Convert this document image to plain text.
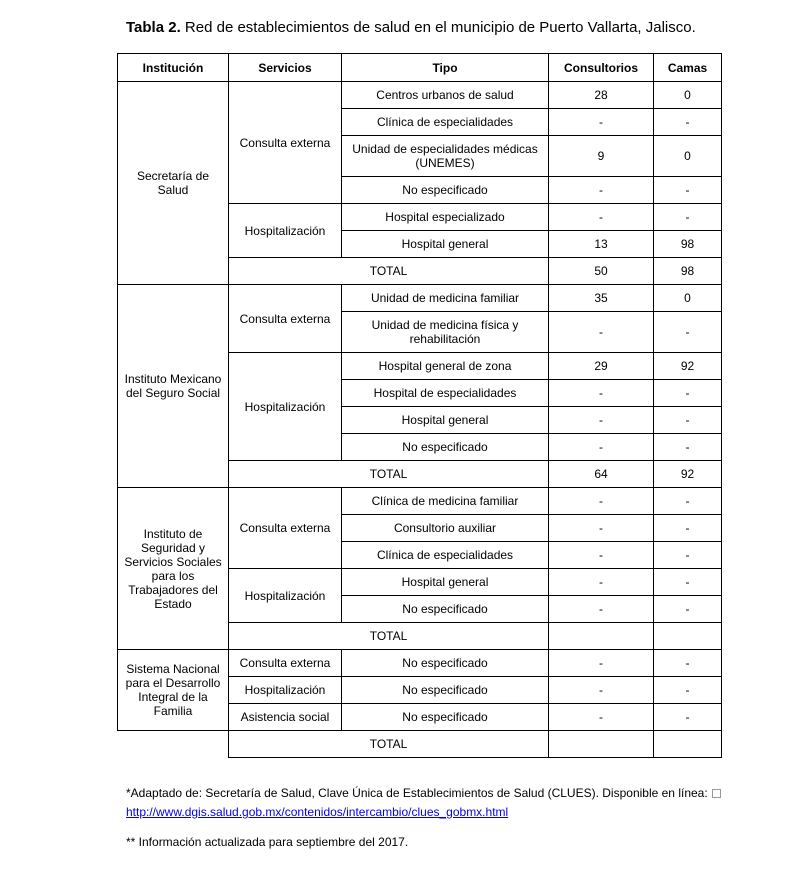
Tabla 2. Red de establecimientos de salud en el municipio de Puerto Vallarta, Jalisco.
Institución	Servicios	Tipo	Consultorios	Camas
Secretaría de Salud	Consulta externa	Centros urbanos de salud	28	0
		Clínica de especialidades	-	-
		Unidad de especialidades médicas (UNEMES)	9	0
		No especificado	-	-
	Hospitalización	Hospital especializado	-	-
		Hospital general	13	98
	TOTAL		50	98
Instituto Mexicano del Seguro Social	Consulta externa	Unidad de medicina familiar	35	0
		Unidad de medicina física y rehabilitación	-	-
	Hospitalización	Hospital general de zona	29	92
		Hospital de especialidades	-	-
		Hospital general	-	-
		No especificado	-	-
	TOTAL		64	92
Instituto de Seguridad y Servicios Sociales para los Trabajadores del Estado	Consulta externa	Clínica de medicina familiar	-	-
		Consultorio auxiliar	-	-
		Clínica de especialidades	-	-
	Hospitalización	Hospital general	-	-
		No especificado	-	-
	TOTAL			
Sistema Nacional para el Desarrollo Integral de la Familia	Consulta externa	No especificado	-	-
	Hospitalización	No especificado	-	-
	Asistencia social	No especificado	-	-
	TOTAL			
*Adaptado de: Secretaría de Salud, Clave Única de Establecimientos de Salud (CLUES). Disponible en línea:
http://www.dgis.salud.gob.mx/contenidos/intercambio/clues_gobmx.html
** Información actualizada para septiembre del 2017.
